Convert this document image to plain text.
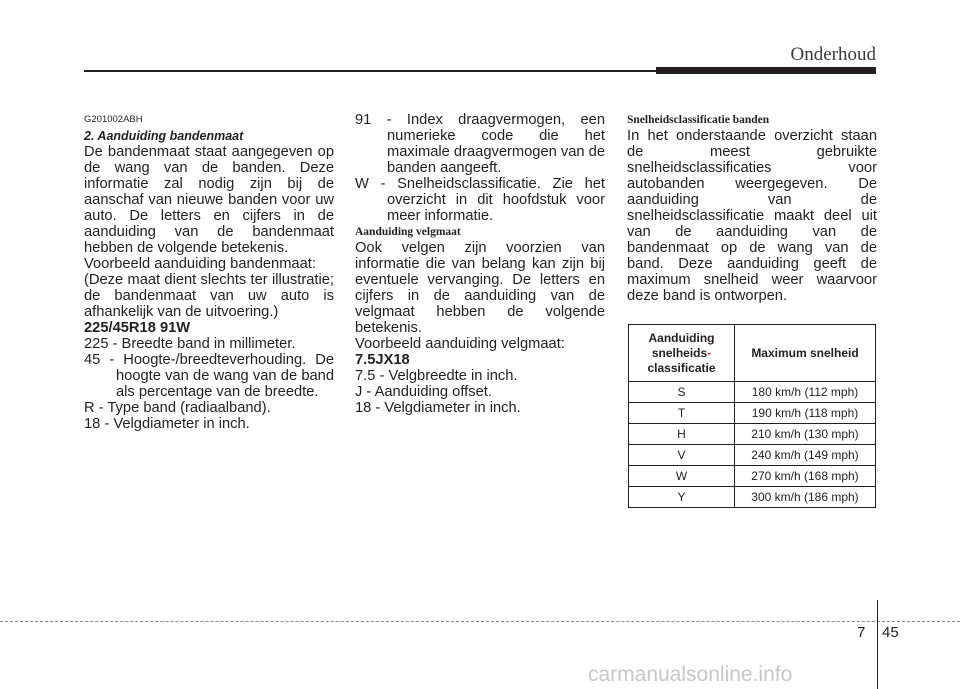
Onderhoud

G201002ABH

2. Aanduiding bandenmaat

De bandenmaat staat aangegeven op de wang van de banden. Deze informatie zal nodig zijn bij de aanschaf van nieuwe banden voor uw auto. De letters en cijfers in de aanduiding van de bandenmaat hebben de volgende betekenis.

Voorbeeld aanduiding bandenmaat:

(Deze maat dient slechts ter illustratie; de bandenmaat van uw auto is afhankelijk van de uitvoering.)

225/45R18 91W

225 - Breedte band in millimeter.

45 - Hoogte-/breedteverhouding. De hoogte van de wang van de band als percentage van de breedte.

R - Type band (radiaalband).

18 - Velgdiameter in inch.

91 - Index draagvermogen, een numerieke code die het maximale draagvermogen van de banden aangeeft.

W - Snelheidsclassificatie. Zie het overzicht in dit hoofdstuk voor meer informatie.

Aanduiding velgmaat

Ook velgen zijn voorzien van informatie die van belang kan zijn bij eventuele vervanging. De letters en cijfers in de aanduiding van de velgmaat hebben de volgende betekenis.

Voorbeeld aanduiding velgmaat:

7.5JX18

7.5 - Velgbreedte in inch.

J - Aanduiding offset.

18 - Velgdiameter in inch.

Snelheidsclassificatie banden

In het onderstaande overzicht staan de meest gebruikte snelheidsclassificaties voor autobanden weergegeven. De aanduiding van de snelheidsclassificatie maakt deel uit van de aanduiding van de bandenmaat op de wang van de band. Deze aanduiding geeft de maximum snelheid weer waarvoor deze band is ontworpen.

Aanduiding
snelheids-
classificatie	Maximum snelheid
S	180 km/h (112 mph)
T	190 km/h (118 mph)
H	210 km/h (130 mph)
V	240 km/h (149 mph)
W	270 km/h (168 mph)
Y	300 km/h (186 mph)
7 45
carmanualsonline.info
